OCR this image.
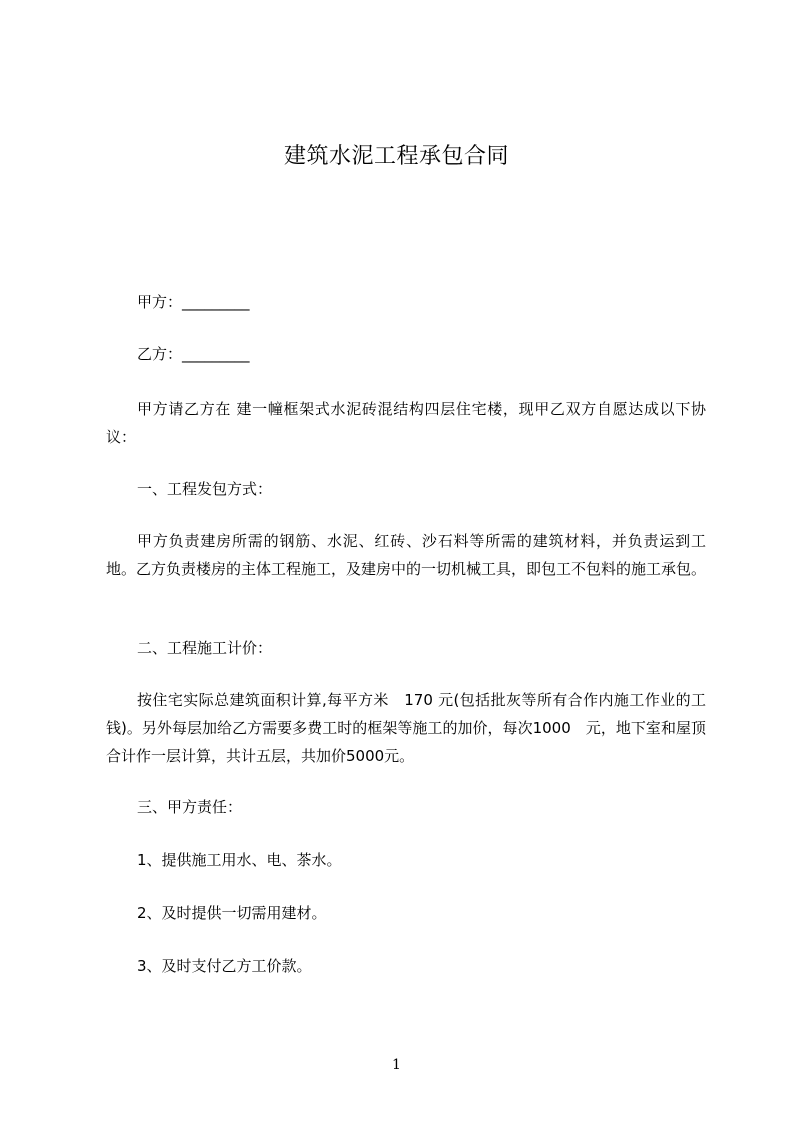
建筑水泥工程承包合同
甲方：_________
乙方：_________
甲方请乙方在 建一幢框架式水泥砖混结构四层住宅楼，现甲乙双方自愿达成以下协议：
一、工程发包方式：
甲方负责建房所需的钢筋、水泥、红砖、沙石料等所需的建筑材料，并负责运到工地。乙方负责楼房的主体工程施工，及建房中的一切机械工具，即包工不包料的施工承包。
二、工程施工计价：
按住宅实际总建筑面积计算,每平方米　170 元(包括批灰等所有合作内施工作业的工钱)。另外每层加给乙方需要多费工时的框架等施工的加价，每次1000　元，地下室和屋顶合计作一层计算，共计五层，共加价5000元。
三、甲方责任：
1、提供施工用水、电、茶水。
2、及时提供一切需用建材。
3、及时支付乙方工价款。
1
